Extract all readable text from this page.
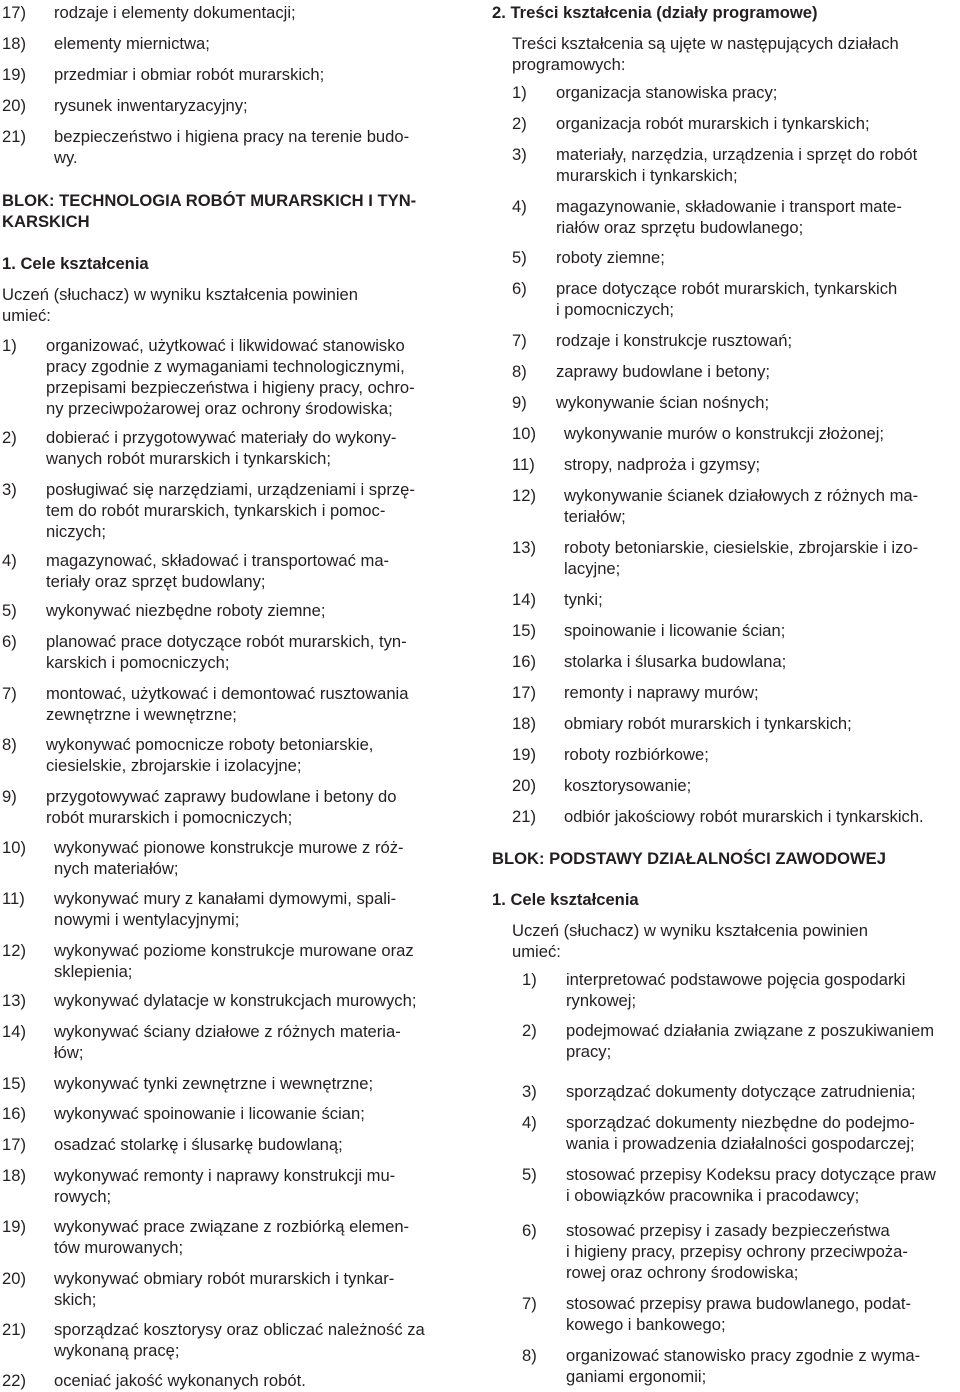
17) rodzaje i elementy dokumentacji;
18) elementy miernictwa;
19) przedmiar i obmiar robót murarskich;
20) rysunek inwentaryzacyjny;
21) bezpieczeństwo i higiena pracy na terenie budo-
wy.
BLOK: TECHNOLOGIA ROBÓT MURARSKICH I TYN-
KARSKICH
1. Cele kształcenia
Uczeń (słuchacz) w wyniku kształcenia powinien
umieć:
1) organizować, użytkować i likwidować stanowisko
pracy zgodnie z wymaganiami technologicznymi,
przepisami bezpieczeństwa i higieny pracy, ochro-
ny przeciwpożarowej oraz ochrony środowiska;
2) dobierać i przygotowywać materiały do wykony-
wanych robót murarskich i tynkarskich;
3) posługiwać się narzędziami, urządzeniami i sprzę-
tem do robót murarskich, tynkarskich i pomoc-
niczych;
4) magazynować, składować i transportować ma-
teriały oraz sprzęt budowlany;
5) wykonywać niezbędne roboty ziemne;
6) planować prace dotyczące robót murarskich, tyn-
karskich i pomocniczych;
7) montować, użytkować i demontować rusztowania
zewnętrzne i wewnętrzne;
8) wykonywać pomocnicze roboty betoniarskie,
ciesielskie, zbrojarskie i izolacyjne;
9) przygotowywać zaprawy budowlane i betony do
robót murarskich i pomocniczych;
10) wykonywać pionowe konstrukcje murowe z róż-
nych materiałów;
11) wykonywać mury z kanałami dymowymi, spali-
nowymi i wentylacyjnymi;
12) wykonywać poziome konstrukcje murowane oraz
sklepienia;
13) wykonywać dylatacje w konstrukcjach murowych;
14) wykonywać ściany działowe z różnych materia-
łów;
15) wykonywać tynki zewnętrzne i wewnętrzne;
16) wykonywać spoinowanie i licowanie ścian;
17) osadzać stolarkę i ślusarkę budowlaną;
18) wykonywać remonty i naprawy konstrukcji mu-
rowych;
19) wykonywać prace związane z rozbiórką elemen-
tów murowanych;
20) wykonywać obmiary robót murarskich i tynkar-
skich;
21) sporządzać kosztorysy oraz obliczać należność za
wykonaną pracę;
22) oceniać jakość wykonanych robót.
2. Treści kształcenia (działy programowe)
Treści kształcenia są ujęte w następujących działach
programowych:
1) organizacja stanowiska pracy;
2) organizacja robót murarskich i tynkarskich;
3) materiały, narzędzia, urządzenia i sprzęt do robót
murarskich i tynkarskich;
4) magazynowanie, składowanie i transport mate-
riałów oraz sprzętu budowlanego;
5) roboty ziemne;
6) prace dotyczące robót murarskich, tynkarskich
i pomocniczych;
7) rodzaje i konstrukcje rusztowań;
8) zaprawy budowlane i betony;
9) wykonywanie ścian nośnych;
10) wykonywanie murów o konstrukcji złożonej;
11) stropy, nadproża i gzymsy;
12) wykonywanie ścianek działowych z różnych ma-
teriałów;
13) roboty betoniarskie, ciesielskie, zbrojarskie i izo-
lacyjne;
14) tynki;
15) spoinowanie i licowanie ścian;
16) stolarka i ślusarka budowlana;
17) remonty i naprawy murów;
18) obmiary robót murarskich i tynkarskich;
19) roboty rozbiórkowe;
20) kosztorysowanie;
21) odbiór jakościowy robót murarskich i tynkarskich.
BLOK: PODSTAWY DZIAŁALNOŚCI ZAWODOWEJ
1. Cele kształcenia
Uczeń (słuchacz) w wyniku kształcenia powinien
umieć:
1) interpretować podstawowe pojęcia gospodarki
rynkowej;
2) podejmować działania związane z poszukiwaniem
pracy;
3) sporządzać dokumenty dotyczące zatrudnienia;
4) sporządzać dokumenty niezbędne do podejmo-
wania i prowadzenia działalności gospodarczej;
5) stosować przepisy Kodeksu pracy dotyczące praw
i obowiązków pracownika i pracodawcy;
6) stosować przepisy i zasady bezpieczeństwa
i higieny pracy, przepisy ochrony przeciwpoża-
rowej oraz ochrony środowiska;
7) stosować przepisy prawa budowlanego, podat-
kowego i bankowego;
8) organizować stanowisko pracy zgodnie z wyma-
ganiami ergonomii;
